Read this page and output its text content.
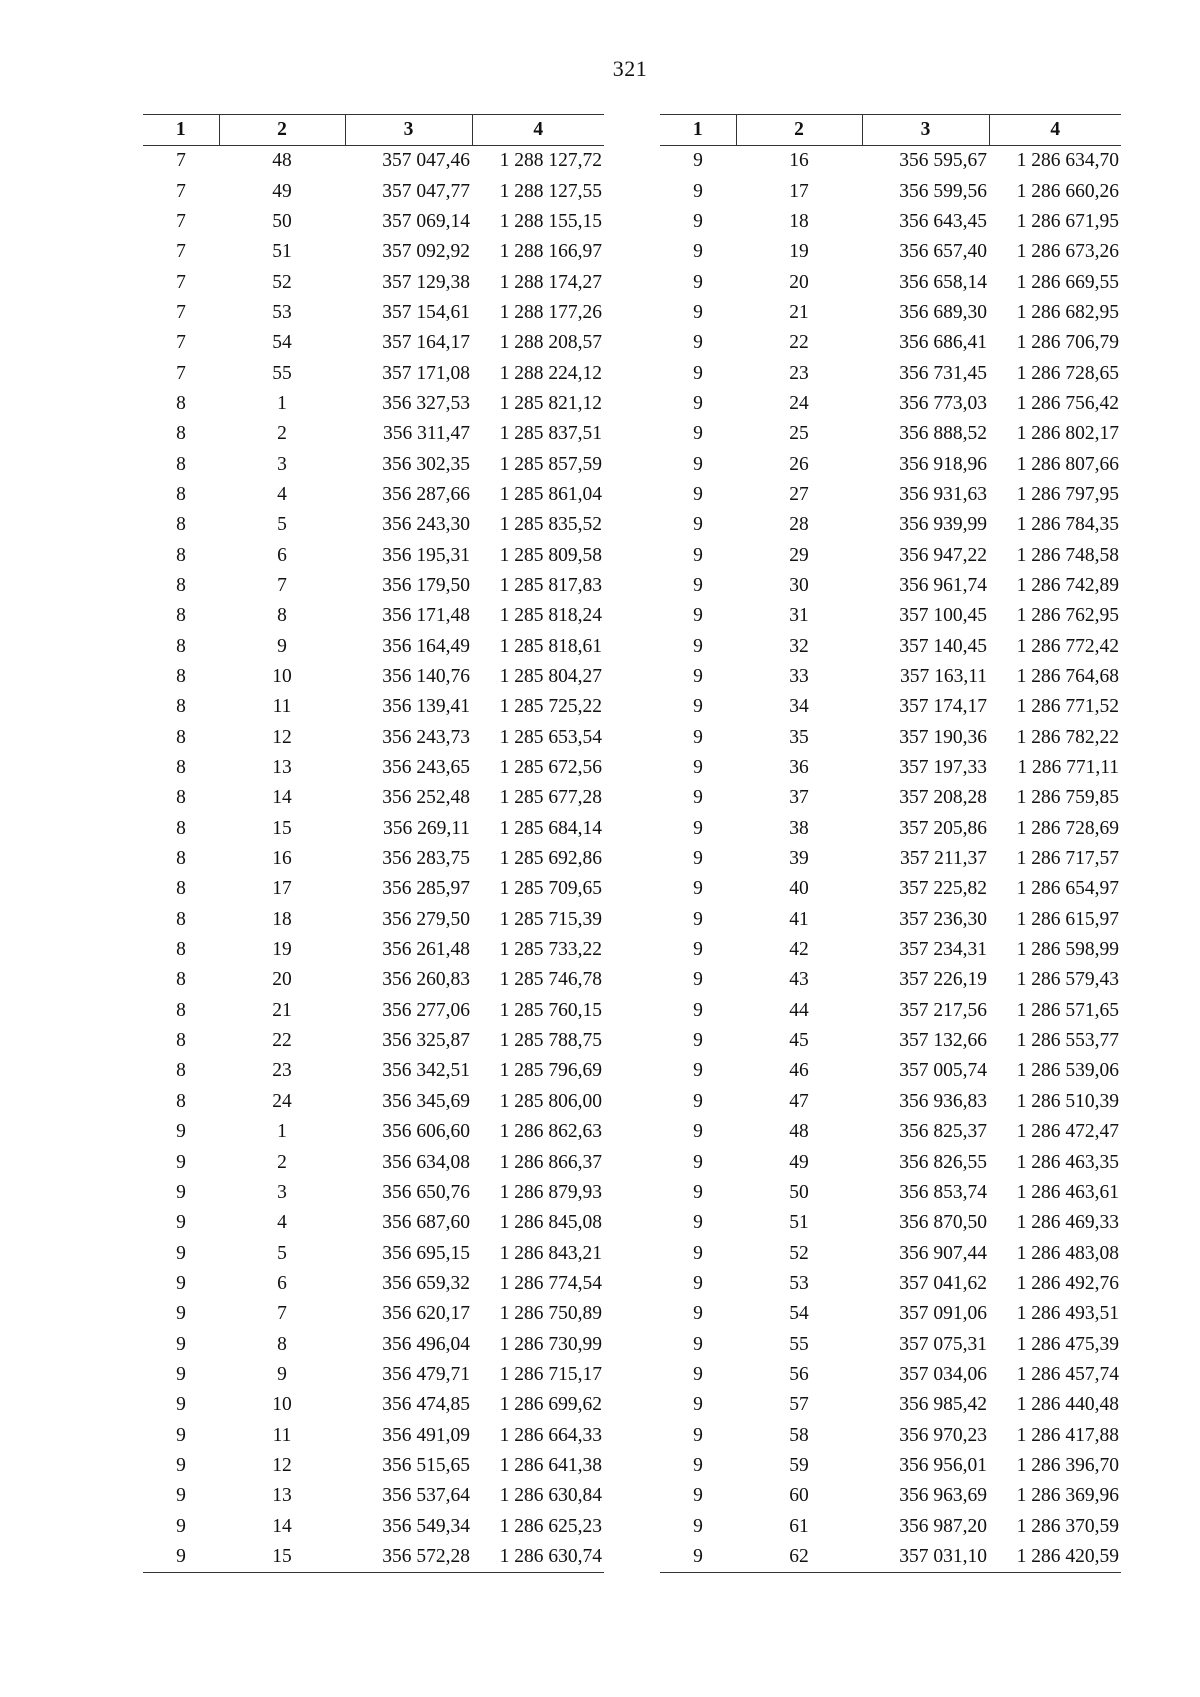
321
1	2	3	4
7	48	357 047,46	1 288 127,72
7	49	357 047,77	1 288 127,55
7	50	357 069,14	1 288 155,15
7	51	357 092,92	1 288 166,97
7	52	357 129,38	1 288 174,27
7	53	357 154,61	1 288 177,26
7	54	357 164,17	1 288 208,57
7	55	357 171,08	1 288 224,12
8	1	356 327,53	1 285 821,12
8	2	356 311,47	1 285 837,51
8	3	356 302,35	1 285 857,59
8	4	356 287,66	1 285 861,04
8	5	356 243,30	1 285 835,52
8	6	356 195,31	1 285 809,58
8	7	356 179,50	1 285 817,83
8	8	356 171,48	1 285 818,24
8	9	356 164,49	1 285 818,61
8	10	356 140,76	1 285 804,27
8	11	356 139,41	1 285 725,22
8	12	356 243,73	1 285 653,54
8	13	356 243,65	1 285 672,56
8	14	356 252,48	1 285 677,28
8	15	356 269,11	1 285 684,14
8	16	356 283,75	1 285 692,86
8	17	356 285,97	1 285 709,65
8	18	356 279,50	1 285 715,39
8	19	356 261,48	1 285 733,22
8	20	356 260,83	1 285 746,78
8	21	356 277,06	1 285 760,15
8	22	356 325,87	1 285 788,75
8	23	356 342,51	1 285 796,69
8	24	356 345,69	1 285 806,00
9	1	356 606,60	1 286 862,63
9	2	356 634,08	1 286 866,37
9	3	356 650,76	1 286 879,93
9	4	356 687,60	1 286 845,08
9	5	356 695,15	1 286 843,21
9	6	356 659,32	1 286 774,54
9	7	356 620,17	1 286 750,89
9	8	356 496,04	1 286 730,99
9	9	356 479,71	1 286 715,17
9	10	356 474,85	1 286 699,62
9	11	356 491,09	1 286 664,33
9	12	356 515,65	1 286 641,38
9	13	356 537,64	1 286 630,84
9	14	356 549,34	1 286 625,23
9	15	356 572,28	1 286 630,74
1	2	3	4
9	16	356 595,67	1 286 634,70
9	17	356 599,56	1 286 660,26
9	18	356 643,45	1 286 671,95
9	19	356 657,40	1 286 673,26
9	20	356 658,14	1 286 669,55
9	21	356 689,30	1 286 682,95
9	22	356 686,41	1 286 706,79
9	23	356 731,45	1 286 728,65
9	24	356 773,03	1 286 756,42
9	25	356 888,52	1 286 802,17
9	26	356 918,96	1 286 807,66
9	27	356 931,63	1 286 797,95
9	28	356 939,99	1 286 784,35
9	29	356 947,22	1 286 748,58
9	30	356 961,74	1 286 742,89
9	31	357 100,45	1 286 762,95
9	32	357 140,45	1 286 772,42
9	33	357 163,11	1 286 764,68
9	34	357 174,17	1 286 771,52
9	35	357 190,36	1 286 782,22
9	36	357 197,33	1 286 771,11
9	37	357 208,28	1 286 759,85
9	38	357 205,86	1 286 728,69
9	39	357 211,37	1 286 717,57
9	40	357 225,82	1 286 654,97
9	41	357 236,30	1 286 615,97
9	42	357 234,31	1 286 598,99
9	43	357 226,19	1 286 579,43
9	44	357 217,56	1 286 571,65
9	45	357 132,66	1 286 553,77
9	46	357 005,74	1 286 539,06
9	47	356 936,83	1 286 510,39
9	48	356 825,37	1 286 472,47
9	49	356 826,55	1 286 463,35
9	50	356 853,74	1 286 463,61
9	51	356 870,50	1 286 469,33
9	52	356 907,44	1 286 483,08
9	53	357 041,62	1 286 492,76
9	54	357 091,06	1 286 493,51
9	55	357 075,31	1 286 475,39
9	56	357 034,06	1 286 457,74
9	57	356 985,42	1 286 440,48
9	58	356 970,23	1 286 417,88
9	59	356 956,01	1 286 396,70
9	60	356 963,69	1 286 369,96
9	61	356 987,20	1 286 370,59
9	62	357 031,10	1 286 420,59
